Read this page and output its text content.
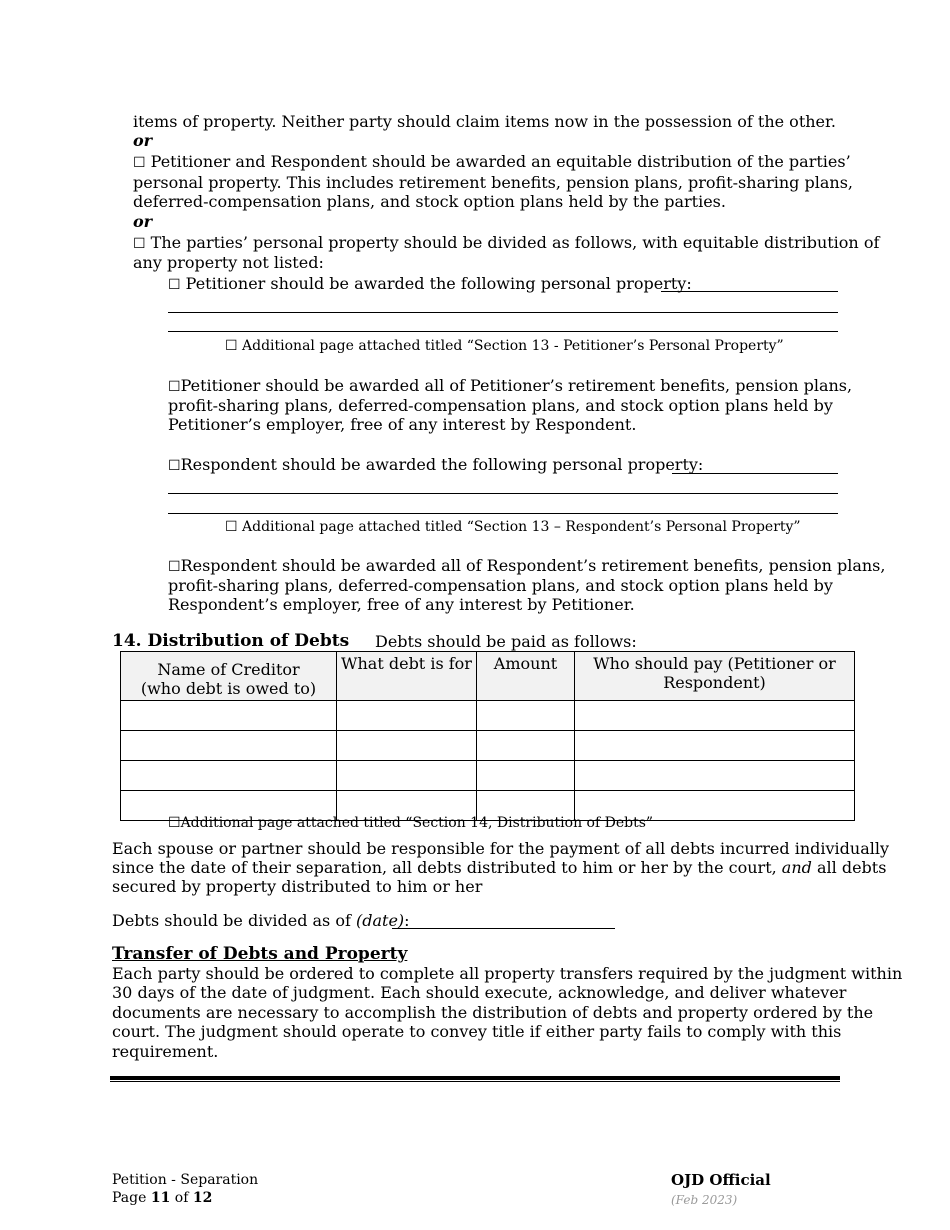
items of property. Neither party should claim items now in the possession of the other.
or
☐ Petitioner and Respondent should be awarded an equitable distribution of the parties’
personal property. This includes retirement benefits, pension plans, profit-sharing plans,
deferred-compensation plans, and stock option plans held by the parties.
or
☐ The parties’ personal property should be divided as follows, with equitable distribution of
any property not listed:
☐ Petitioner should be awarded the following personal property:
☐ Additional page attached titled “Section 13 - Petitioner’s Personal Property”
☐Petitioner should be awarded all of Petitioner’s retirement benefits, pension plans,
profit-sharing plans, deferred-compensation plans, and stock option plans held by
Petitioner’s employer, free of any interest by Respondent.
☐Respondent should be awarded the following personal property:
☐ Additional page attached titled “Section 13 – Respondent’s Personal Property”
☐Respondent should be awarded all of Respondent’s retirement benefits, pension plans,
profit-sharing plans, deferred-compensation plans, and stock option plans held by
Respondent’s employer, free of any interest by Petitioner.
14. Distribution of Debts Debts should be paid as follows:
Name of Creditor
(who debt is owed to)	What debt is for	Amount	Who should pay (Petitioner or
Respondent)

☐Additional page attached titled “Section 14, Distribution of Debts”
Each spouse or partner should be responsible for the payment of all debts incurred individually
since the date of their separation, all debts distributed to him or her by the court, and all debts
secured by property distributed to him or her
Debts should be divided as of (date):
Transfer of Debts and Property
Each party should be ordered to complete all property transfers required by the judgment within
30 days of the date of judgment. Each should execute, acknowledge, and deliver whatever
documents are necessary to accomplish the distribution of debts and property ordered by the
court. The judgment should operate to convey title if either party fails to comply with this
requirement.
Petition - Separation
Page 11 of 12
OJD Official
(Feb 2023)
